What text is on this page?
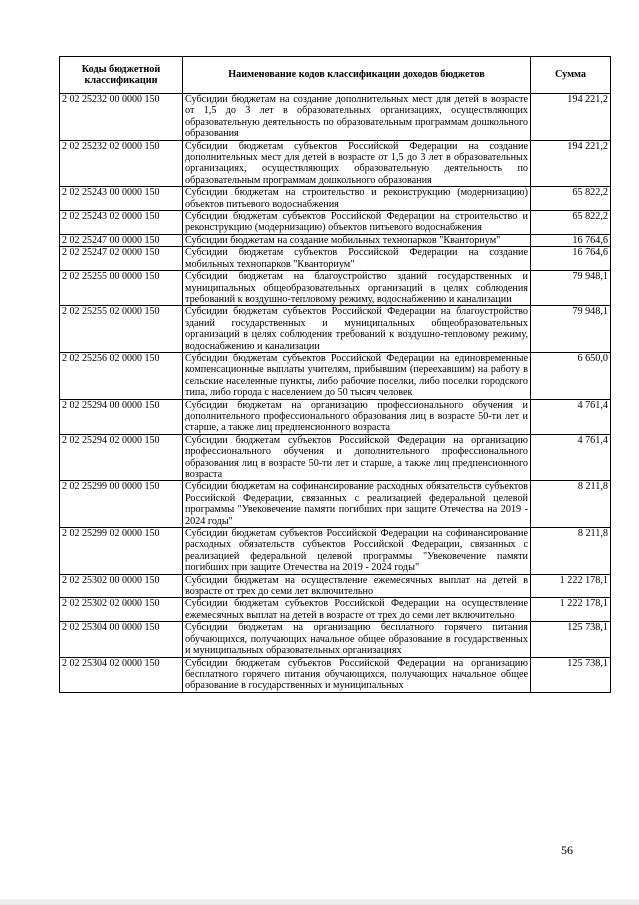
Коды бюджетной классификации	Наименование кодов классификации доходов бюджетов	Сумма
2 02 25232 00 0000 150	Субсидии бюджетам на создание дополнительных мест для детей в возрасте от 1,5 до 3 лет в образовательных организациях, осуществляющих образовательную деятельность по образовательным программам дошкольного образования	194 221,2
2 02 25232 02 0000 150	Субсидии бюджетам субъектов Российской Федерации на создание дополнительных мест для детей в возрасте от 1,5 до 3 лет в образовательных организациях, осуществляющих образовательную деятельность по образовательным программам дошкольного образования	194 221,2
2 02 25243 00 0000 150	Субсидии бюджетам на строительство и реконструкцию (модернизацию) объектов питьевого водоснабжения	65 822,2
2 02 25243 02 0000 150	Субсидии бюджетам субъектов Российской Федерации на строительство и реконструкцию (модернизацию) объектов питьевого водоснабжения	65 822,2
2 02 25247 00 0000 150	Субсидии бюджетам на создание мобильных технопарков "Кванториум"	16 764,6
2 02 25247 02 0000 150	Субсидии бюджетам субъектов Российской Федерации на создание мобильных технопарков "Кванториум"	16 764,6
2 02 25255 00 0000 150	Субсидии бюджетам на благоустройство зданий государственных и муниципальных общеобразовательных организаций в целях соблюдения требований к воздушно-тепловому режиму, водоснабжению и канализации	79 948,1
2 02 25255 02 0000 150	Субсидии бюджетам субъектов Российской Федерации на благоустройство зданий государственных и муниципальных общеобразовательных организаций в целях соблюдения требований к воздушно-тепловому режиму, водоснабжению и канализации	79 948,1
2 02 25256 02 0000 150	Субсидии бюджетам субъектов Российской Федерации на единовременные компенсационные выплаты учителям, прибывшим (переехавшим) на работу в сельские населенные пункты, либо рабочие поселки, либо поселки городского типа, либо города с населением до 50 тысяч человек	6 650,0
2 02 25294 00 0000 150	Субсидии бюджетам на организацию профессионального обучения и дополнительного профессионального образования лиц в возрасте 50-ти лет и старше, а также лиц предпенсионного возраста	4 761,4
2 02 25294 02 0000 150	Субсидии бюджетам субъектов Российской Федерации на организацию профессионального обучения и дополнительного профессионального образования лиц в возрасте 50-ти лет и старше, а также лиц предпенсионного возраста	4 761,4
2 02 25299 00 0000 150	Субсидии бюджетам на софинансирование расходных обязательств субъектов Российской Федерации, связанных с реализацией федеральной целевой программы "Увековечение памяти погибших при защите Отечества на 2019 - 2024 годы"	8 211,8
2 02 25299 02 0000 150	Субсидии бюджетам субъектов Российской Федерации на софинансирование расходных обязательств субъектов Российской Федерации, связанных с реализацией федеральной целевой программы "Увековечение памяти погибших при защите Отечества на 2019 - 2024 годы"	8 211,8
2 02 25302 00 0000 150	Субсидии бюджетам на осуществление ежемесячных выплат на детей в возрасте от трех до семи лет включительно	1 222 178,1
2 02 25302 02 0000 150	Субсидии бюджетам субъектов Российской Федерации на осуществление ежемесячных выплат на детей в возрасте от трех до семи лет включительно	1 222 178,1
2 02 25304 00 0000 150	Субсидии бюджетам на организацию бесплатного горячего питания обучающихся, получающих начальное общее образование в государственных и муниципальных образовательных организациях	125 738,1
2 02 25304 02 0000 150	Субсидии бюджетам субъектов Российской Федерации на организацию бесплатного горячего питания обучающихся, получающих начальное общее образование в государственных и муниципальных	125 738,1
56
